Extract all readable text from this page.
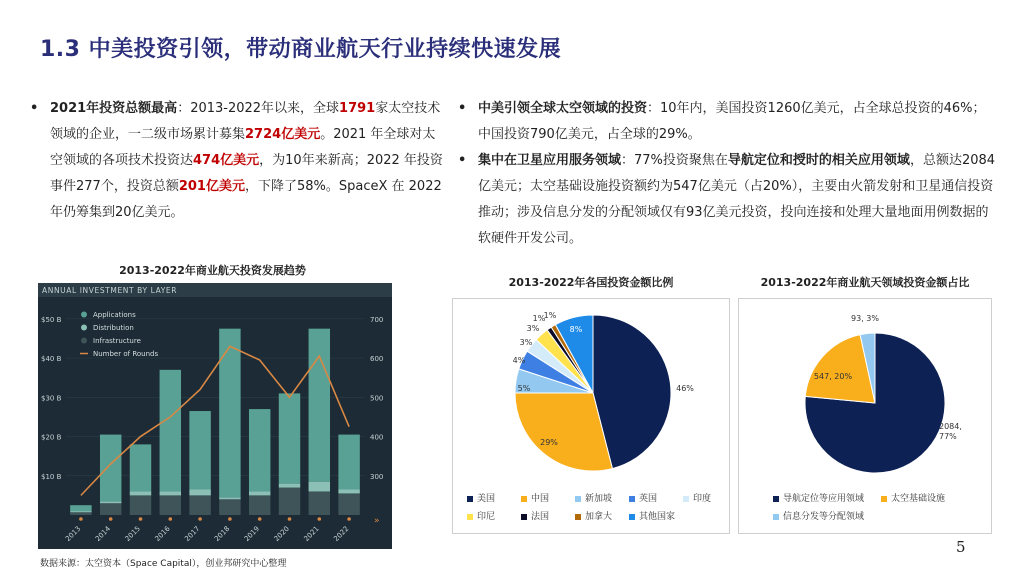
1.3 中美投资引领，带动商业航天行业持续快速发展
• 2021年投资总额最高：2013-2022年以来，全球1791家太空技术领域的企业，一二级市场累计募集2724亿美元。2021 年全球对太空领域的各项技术投资达474亿美元，为10年来新高；2022 年投资事件277个，投资总额201亿美元，下降了58%。SpaceX 在 2022 年仍筹集到20亿美元。
• 中美引领全球太空领域的投资：10年内，美国投资1260亿美元，占全球总投资的46%；中国投资790亿美元，占全球的29%。
• 集中在卫星应用服务领域：77%投资聚焦在导航定位和授时的相关应用领域，总额达2084亿美元；太空基础设施投资额约为547亿美元（占20%），主要由火箭发射和卫星通信投资推动；涉及信息分发的分配领域仅有93亿美元投资，投向连接和处理大量地面用例数据的软硬件开发公司。
2013-2022年商业航天投资发展趋势
2013-2022年各国投资金额比例	2013-2022年商业航天领域投资金额占比
ANNUAL INVESTMENT BY LAYER
$10 B
$20 B
$30 B
$40 B
$50 B
300
400
500
600
700
2013 2014 2015 2016 2017 2018 2019 2020 2021 2022
»
Applications
Distribution
Infrastructure
Number of Rounds
46%
29%
5%
4%
3%
3%
1%
1%
8%
美国	中国	新加坡	英国	印度
印尼	法国	加拿大	其他国家
2084,
77%
547, 20%
93, 3%
导航定位等应用领域	太空基础设施
信息分发等分配领域
数据来源：太空资本（Space Capital），创业邦研究中心整理
5
